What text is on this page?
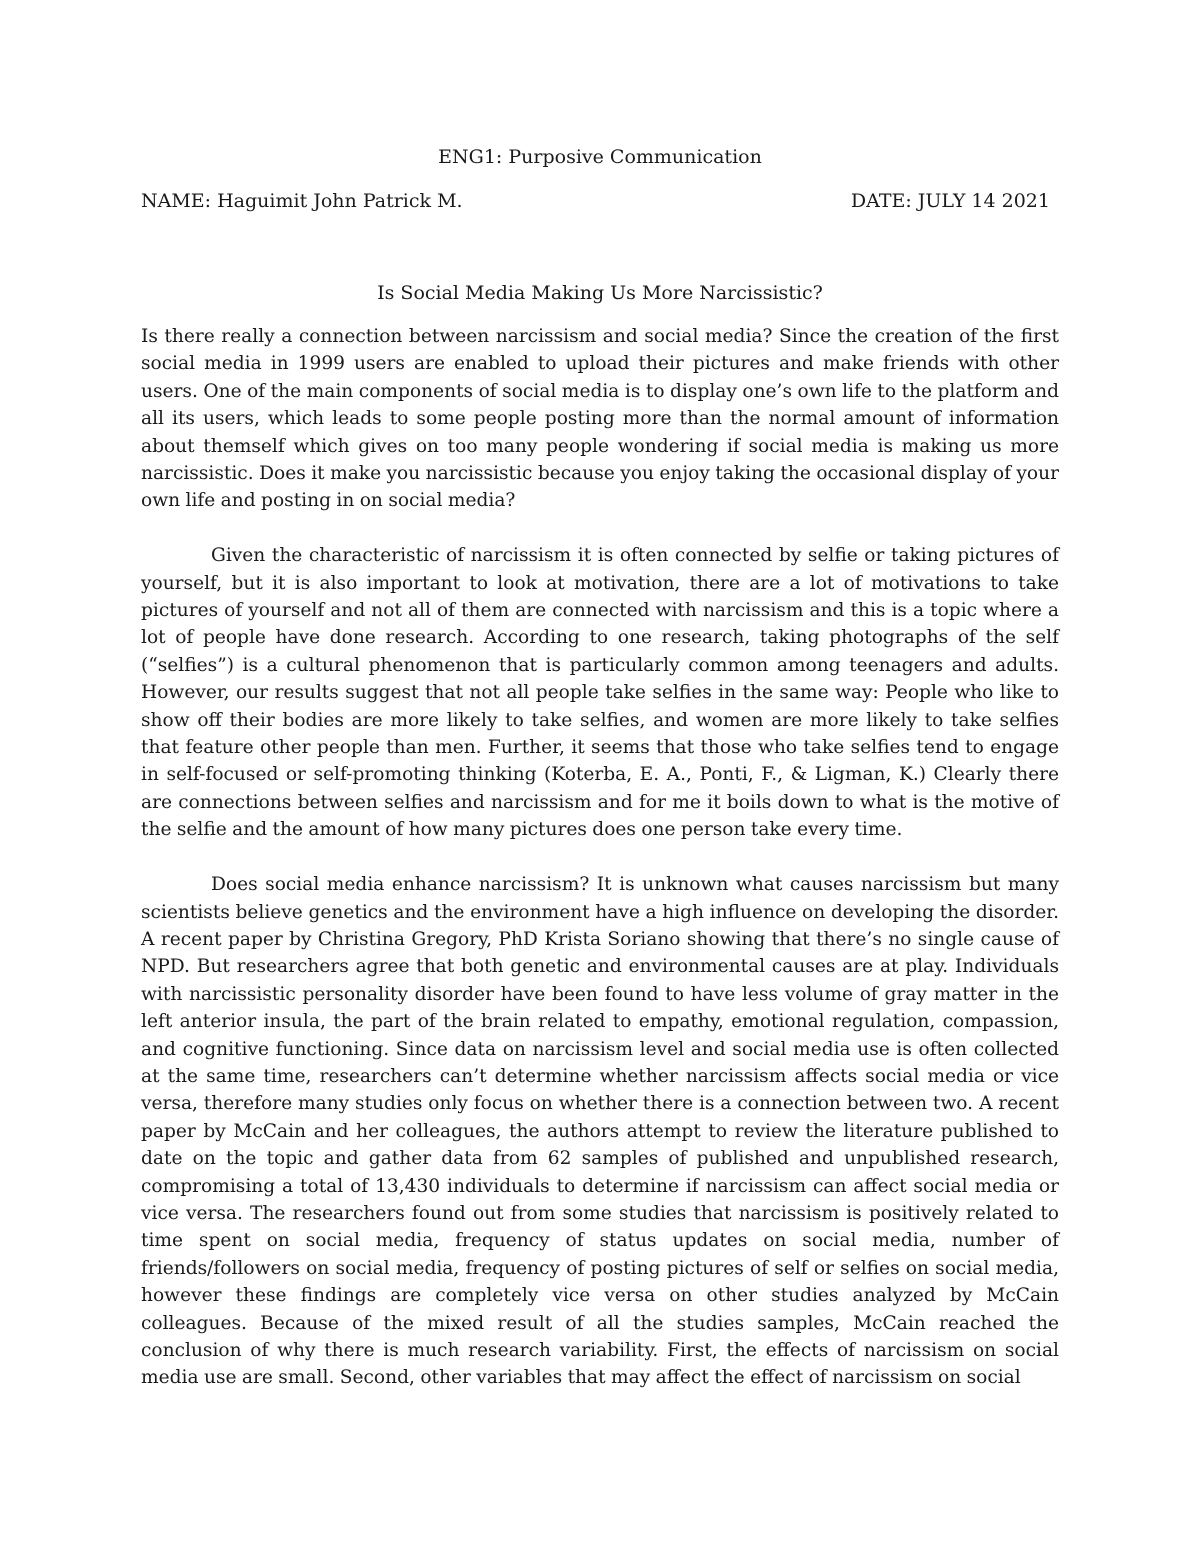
ENG1: Purposive Communication

NAME: Haguimit John Patrick M.	DATE: JULY 14 2021

Is Social Media Making Us More Narcissistic?

Is there really a connection between narcissism and social media? Since the creation of the first social media in 1999 users are enabled to upload their pictures and make friends with other users. One of the main components of social media is to display one’s own life to the platform and all its users, which leads to some people posting more than the normal amount of information about themself which gives on too many people wondering if social media is making us more narcissistic. Does it make you narcissistic because you enjoy taking the occasional display of your own life and posting in on social media?

Given the characteristic of narcissism it is often connected by selfie or taking pictures of yourself, but it is also important to look at motivation, there are a lot of motivations to take pictures of yourself and not all of them are connected with narcissism and this is a topic where a lot of people have done research. According to one research, taking photographs of the self (“selfies”) is a cultural phenomenon that is particularly common among teenagers and adults. However, our results suggest that not all people take selfies in the same way: People who like to show off their bodies are more likely to take selfies, and women are more likely to take selfies that feature other people than men. Further, it seems that those who take selfies tend to engage in self-focused or self-promoting thinking (Koterba, E. A., Ponti, F., & Ligman, K.) Clearly there are connections between selfies and narcissism and for me it boils down to what is the motive of the selfie and the amount of how many pictures does one person take every time.

Does social media enhance narcissism? It is unknown what causes narcissism but many scientists believe genetics and the environment have a high influence on developing the disorder. A recent paper by Christina Gregory, PhD Krista Soriano showing that there’s no single cause of NPD. But researchers agree that both genetic and environmental causes are at play. Individuals with narcissistic personality disorder have been found to have less volume of gray matter in the left anterior insula, the part of the brain related to empathy, emotional regulation, compassion, and cognitive functioning. Since data on narcissism level and social media use is often collected at the same time, researchers can’t determine whether narcissism affects social media or vice versa, therefore many studies only focus on whether there is a connection between two. A recent paper by McCain and her colleagues, the authors attempt to review the literature published to date on the topic and gather data from 62 samples of published and unpublished research, compromising a total of 13,430 individuals to determine if narcissism can affect social media or vice versa. The researchers found out from some studies that narcissism is positively related to time spent on social media, frequency of status updates on social media, number of friends/followers on social media, frequency of posting pictures of self or selfies on social media, however these findings are completely vice versa on other studies analyzed by McCain colleagues. Because of the mixed result of all the studies samples, McCain reached the conclusion of why there is much research variability. First, the effects of narcissism on social media use are small. Second, other variables that may affect the effect of narcissism on social
